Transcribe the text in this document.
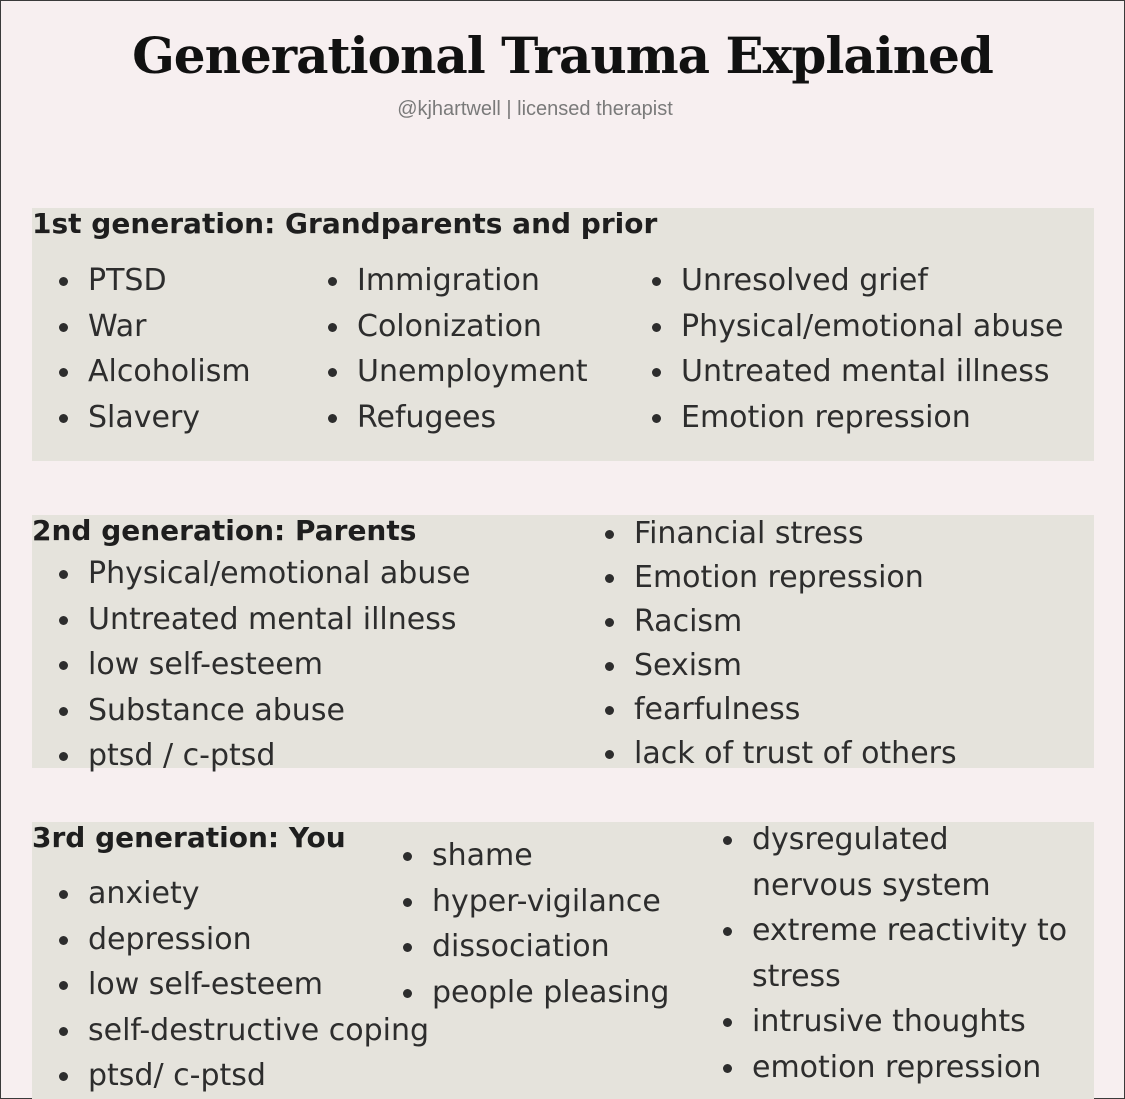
Generational Trauma Explained
@kjhartwell | licensed therapist
1st generation: Grandparents and prior
PTSD
War
Alcoholism
Slavery
Immigration
Colonization
Unemployment
Refugees
Unresolved grief
Physical/emotional abuse
Untreated mental illness
Emotion repression
2nd generation: Parents
Physical/emotional abuse
Untreated mental illness
low self-esteem
Substance abuse
ptsd / c-ptsd
Financial stress
Emotion repression
Racism
Sexism
fearfulness
lack of trust of others
3rd generation: You
anxiety
depression
low self-esteem
self-destructive coping
ptsd/ c-ptsd
shame
hyper-vigilance
dissociation
people pleasing
dysregulated
nervous system
extreme reactivity to
stress
intrusive thoughts
emotion repression
